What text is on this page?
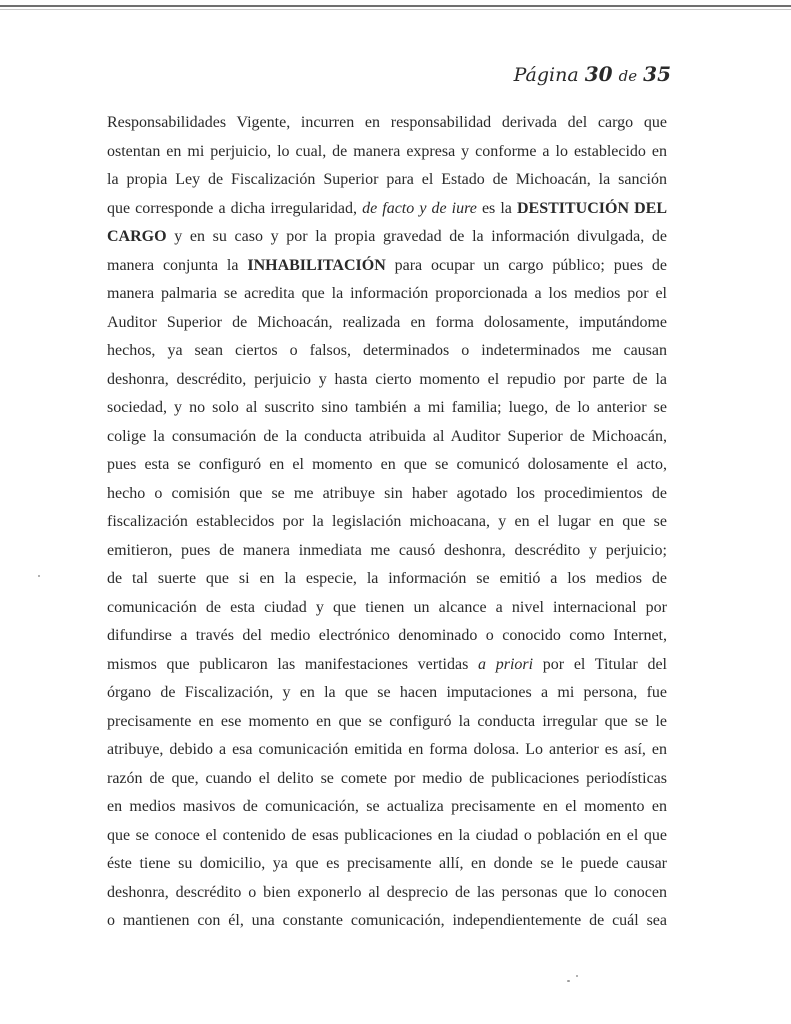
Página 30 de 35
Responsabilidades Vigente, incurren en responsabilidad derivada del cargo que
ostentan en mi perjuicio, lo cual, de manera expresa y conforme a lo establecido en
la propia Ley de Fiscalización Superior para el Estado de Michoacán, la sanción
que corresponde a dicha irregularidad, de facto y de iure es la DESTITUCIÓN DEL
CARGO y en su caso y por la propia gravedad de la información divulgada, de
manera conjunta la INHABILITACIÓN para ocupar un cargo público; pues de
manera palmaria se acredita que la información proporcionada a los medios por el
Auditor Superior de Michoacán, realizada en forma dolosamente, imputándome
hechos, ya sean ciertos o falsos, determinados o indeterminados me causan
deshonra, descrédito, perjuicio y hasta cierto momento el repudio por parte de la
sociedad, y no solo al suscrito sino también a mi familia; luego, de lo anterior se
colige la consumación de la conducta atribuida al Auditor Superior de Michoacán,
pues esta se configuró en el momento en que se comunicó dolosamente el acto,
hecho o comisión que se me atribuye sin haber agotado los procedimientos de
fiscalización establecidos por la legislación michoacana, y en el lugar en que se
emitieron, pues de manera inmediata me causó deshonra, descrédito y perjuicio;
de tal suerte que si en la especie, la información se emitió a los medios de
comunicación de esta ciudad y que tienen un alcance a nivel internacional por
difundirse a través del medio electrónico denominado o conocido como Internet,
mismos que publicaron las manifestaciones vertidas a priori por el Titular del
órgano de Fiscalización, y en la que se hacen imputaciones a mi persona, fue
precisamente en ese momento en que se configuró la conducta irregular que se le
atribuye, debido a esa comunicación emitida en forma dolosa. Lo anterior es así, en
razón de que, cuando el delito se comete por medio de publicaciones periodísticas
en medios masivos de comunicación, se actualiza precisamente en el momento en
que se conoce el contenido de esas publicaciones en la ciudad o población en el que
éste tiene su domicilio, ya que es precisamente allí, en donde se le puede causar
deshonra, descrédito o bien exponerlo al desprecio de las personas que lo conocen
o mantienen con él, una constante comunicación, independientemente de cuál sea
